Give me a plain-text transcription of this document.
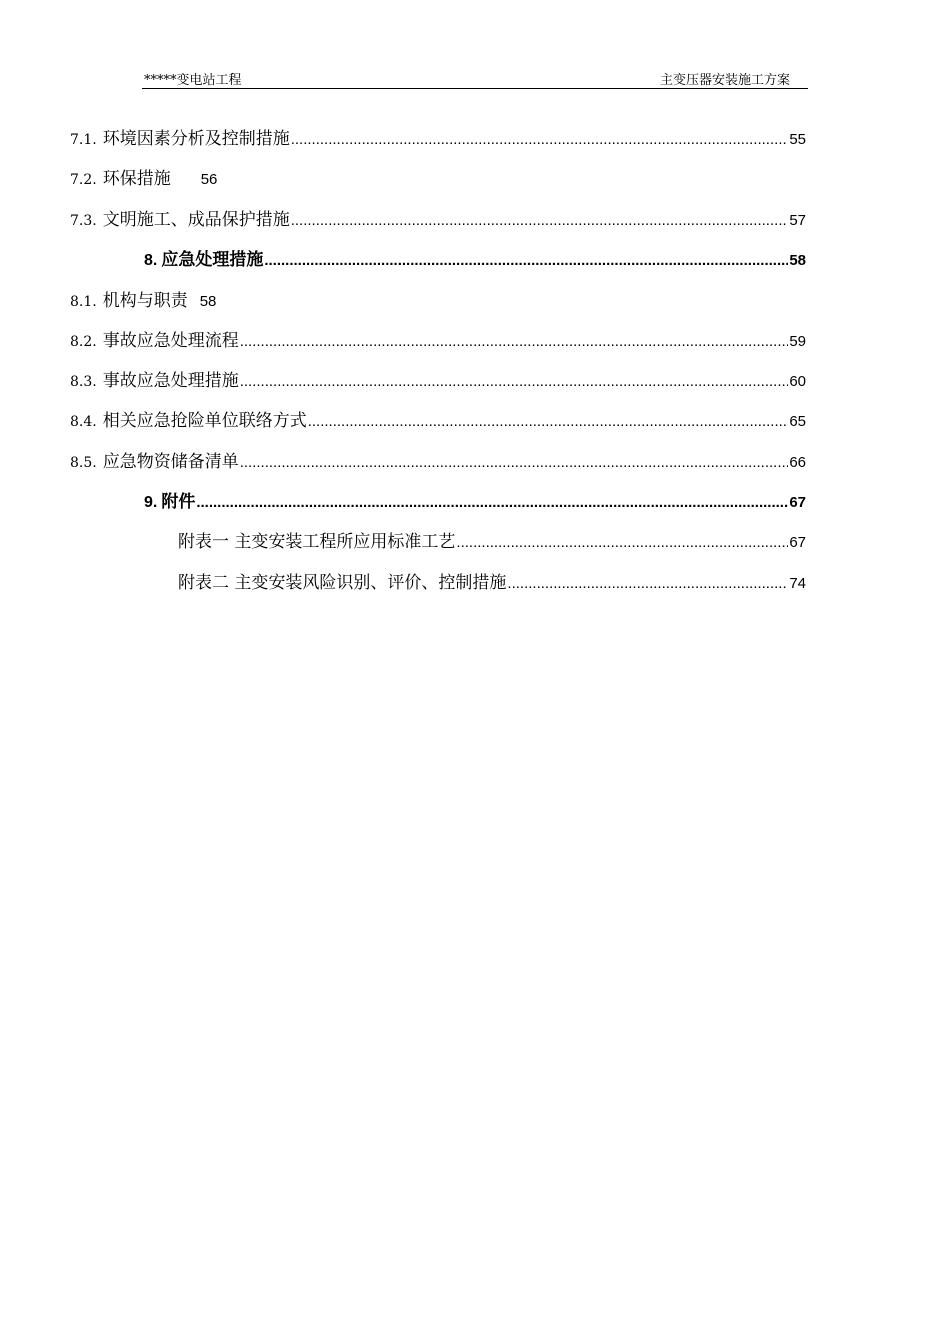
*****变电站工程	主变压器安装施工方案
7.1. 环境因素分析及控制措施 .....	55
7.2. 环保措施 56
7.3. 文明施工、成品保护措施 .....	57
8. 应急处理措施 .....	58
8.1. 机构与职责 58
8.2. 事故应急处理流程 .....	59
8.3. 事故应急处理措施 .....	60
8.4. 相关应急抢险单位联络方式 .....	65
8.5. 应急物资储备清单 .....	66
9. 附件 .....	67
附表一 主变安装工程所应用标准工艺 .....	67
附表二 主变安装风险识别、评价、控制措施 .....	74
